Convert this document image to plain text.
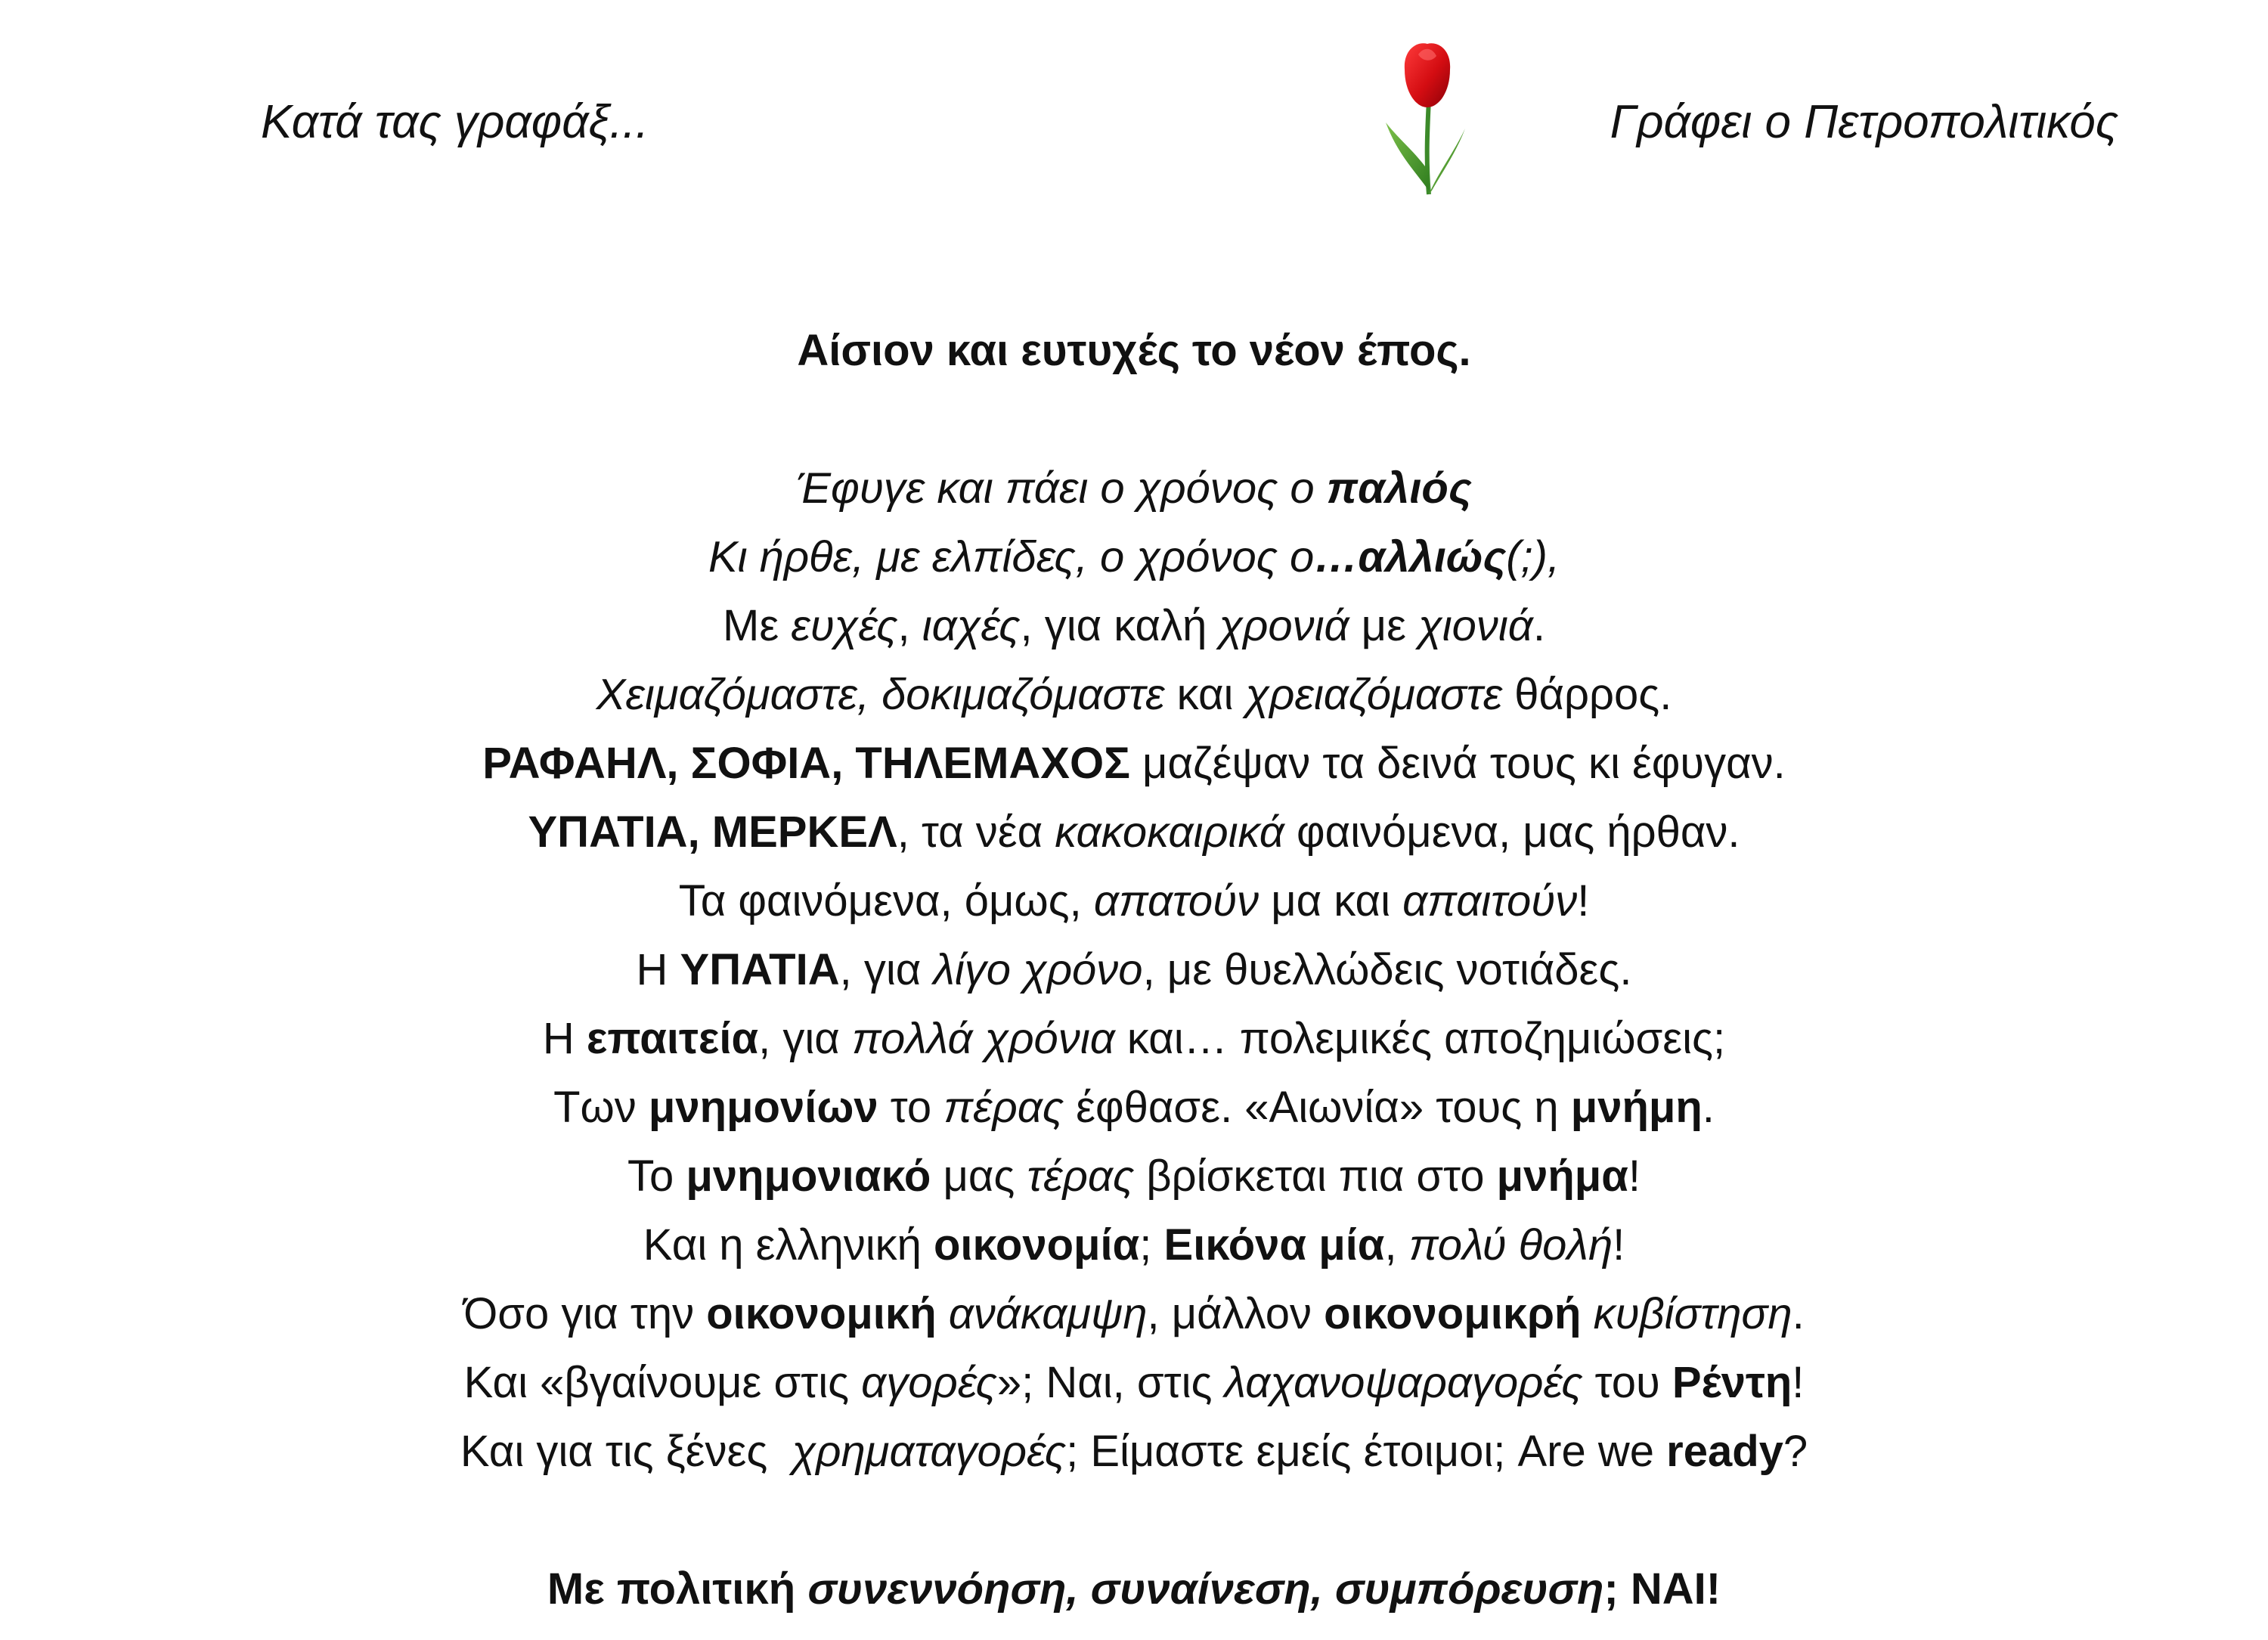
Κατά τας γραφάξ...	Γράφει ο Πετροπολιτικός

Αίσιον και ευτυχές το νέον έπος.

Έφυγε και πάει ο χρόνος ο παλιός

Κι ήρθε, με ελπίδες, ο χρόνος ο…αλλιώς(;),

Με ευχές, ιαχές, για καλή χρονιά με χιονιά.

Χειμαζόμαστε, δοκιμαζόμαστε και χρειαζόμαστε θάρρος.

ΡΑΦΑΗΛ, ΣΟΦΙΑ, ΤΗΛΕΜΑΧΟΣ μαζέψαν τα δεινά τους κι έφυγαν.

ΥΠΑΤΙΑ, ΜΕΡΚΕΛ, τα νέα κακοκαιρικά φαινόμενα, μας ήρθαν.

Τα φαινόμενα, όμως, απατούν μα και απαιτούν!

Η ΥΠΑΤΙΑ, για λίγο χρόνο, με θυελλώδεις νοτιάδες.

Η επαιτεία, για πολλά χρόνια και… πολεμικές αποζημιώσεις;

Των μνημονίων το πέρας έφθασε. «Αιωνία» τους η μνήμη.

Το μνημονιακό μας τέρας βρίσκεται πια στο μνήμα!

Και η ελληνική οικονομία; Εικόνα μία, πολύ θολή!

Όσο για την οικονομική ανάκαμψη, μάλλον οικονομικρή κυβίστηση.

Και «βγαίνουμε στις αγορές»; Ναι, στις λαχανοψαραγορές του Ρέντη!

Και για τις ξένες  χρηματαγορές; Είμαστε εμείς έτοιμοι; Are we ready?

Με πολιτική συνεννόηση, συναίνεση, συμπόρευση; ΝΑΙ!
